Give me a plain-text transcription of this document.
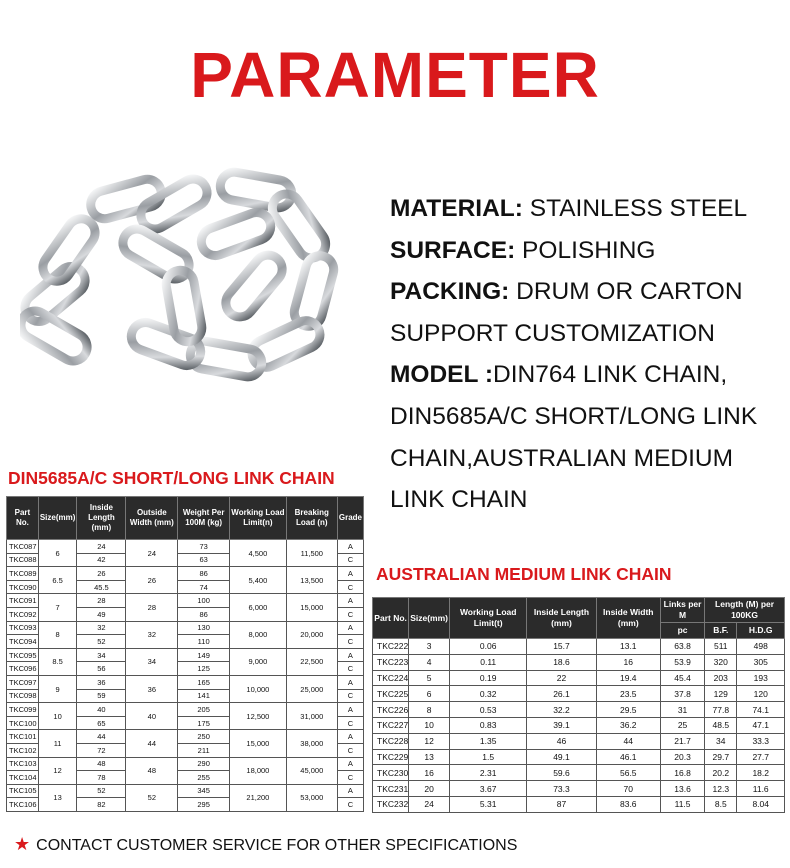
PARAMETER
MATERIAL: STAINLESS STEEL
SURFACE: POLISHING
PACKING: DRUM OR CARTON
SUPPORT CUSTOMIZATION
MODEL :DIN764 LINK CHAIN,
DIN5685A/C SHORT/LONG LINK
CHAIN,AUSTRALIAN MEDIUM
LINK CHAIN
DIN5685A/C SHORT/LONG LINK CHAIN
Part No.	Size(mm)	Inside Length (mm)	Outside Width (mm)	Weight Per 100M (kg)	Working Load Limit(n)	Breaking Load (n)	Grade
TKC087	6	24	24	73	4,500	11,500	A
TKC088		42		63			C
TKC089	6.5	26	26	86	5,400	13,500	A
TKC090		45.5		74			C
TKC091	7	28	28	100	6,000	15,000	A
TKC092		49		86			C
TKC093	8	32	32	130	8,000	20,000	A
TKC094		52		110			C
TKC095	8.5	34	34	149	9,000	22,500	A
TKC096		56		125			C
TKC097	9	36	36	165	10,000	25,000	A
TKC098		59		141			C
TKC099	10	40	40	205	12,500	31,000	A
TKC100		65		175			C
TKC101	11	44	44	250	15,000	38,000	A
TKC102		72		211			C
TKC103	12	48	48	290	18,000	45,000	A
TKC104		78		255			C
TKC105	13	52	52	345	21,200	53,000	A
TKC106		82		295			C
AUSTRALIAN MEDIUM LINK CHAIN
Part No.	Size(mm)	Working Load Limit(t)	Inside Length (mm)	Inside Width (mm)	Links per M	Length (M) per 100KG	
					pc	B.F.	H.D.G
TKC222	3	0.06	15.7	13.1	63.8	511	498
TKC223	4	0.11	18.6	16	53.9	320	305
TKC224	5	0.19	22	19.4	45.4	203	193
TKC225	6	0.32	26.1	23.5	37.8	129	120
TKC226	8	0.53	32.2	29.5	31	77.8	74.1
TKC227	10	0.83	39.1	36.2	25	48.5	47.1
TKC228	12	1.35	46	44	21.7	34	33.3
TKC229	13	1.5	49.1	46.1	20.3	29.7	27.7
TKC230	16	2.31	59.6	56.5	16.8	20.2	18.2
TKC231	20	3.67	73.3	70	13.6	12.3	11.6
TKC232	24	5.31	87	83.6	11.5	8.5	8.04
★ CONTACT CUSTOMER SERVICE FOR OTHER SPECIFICATIONS
